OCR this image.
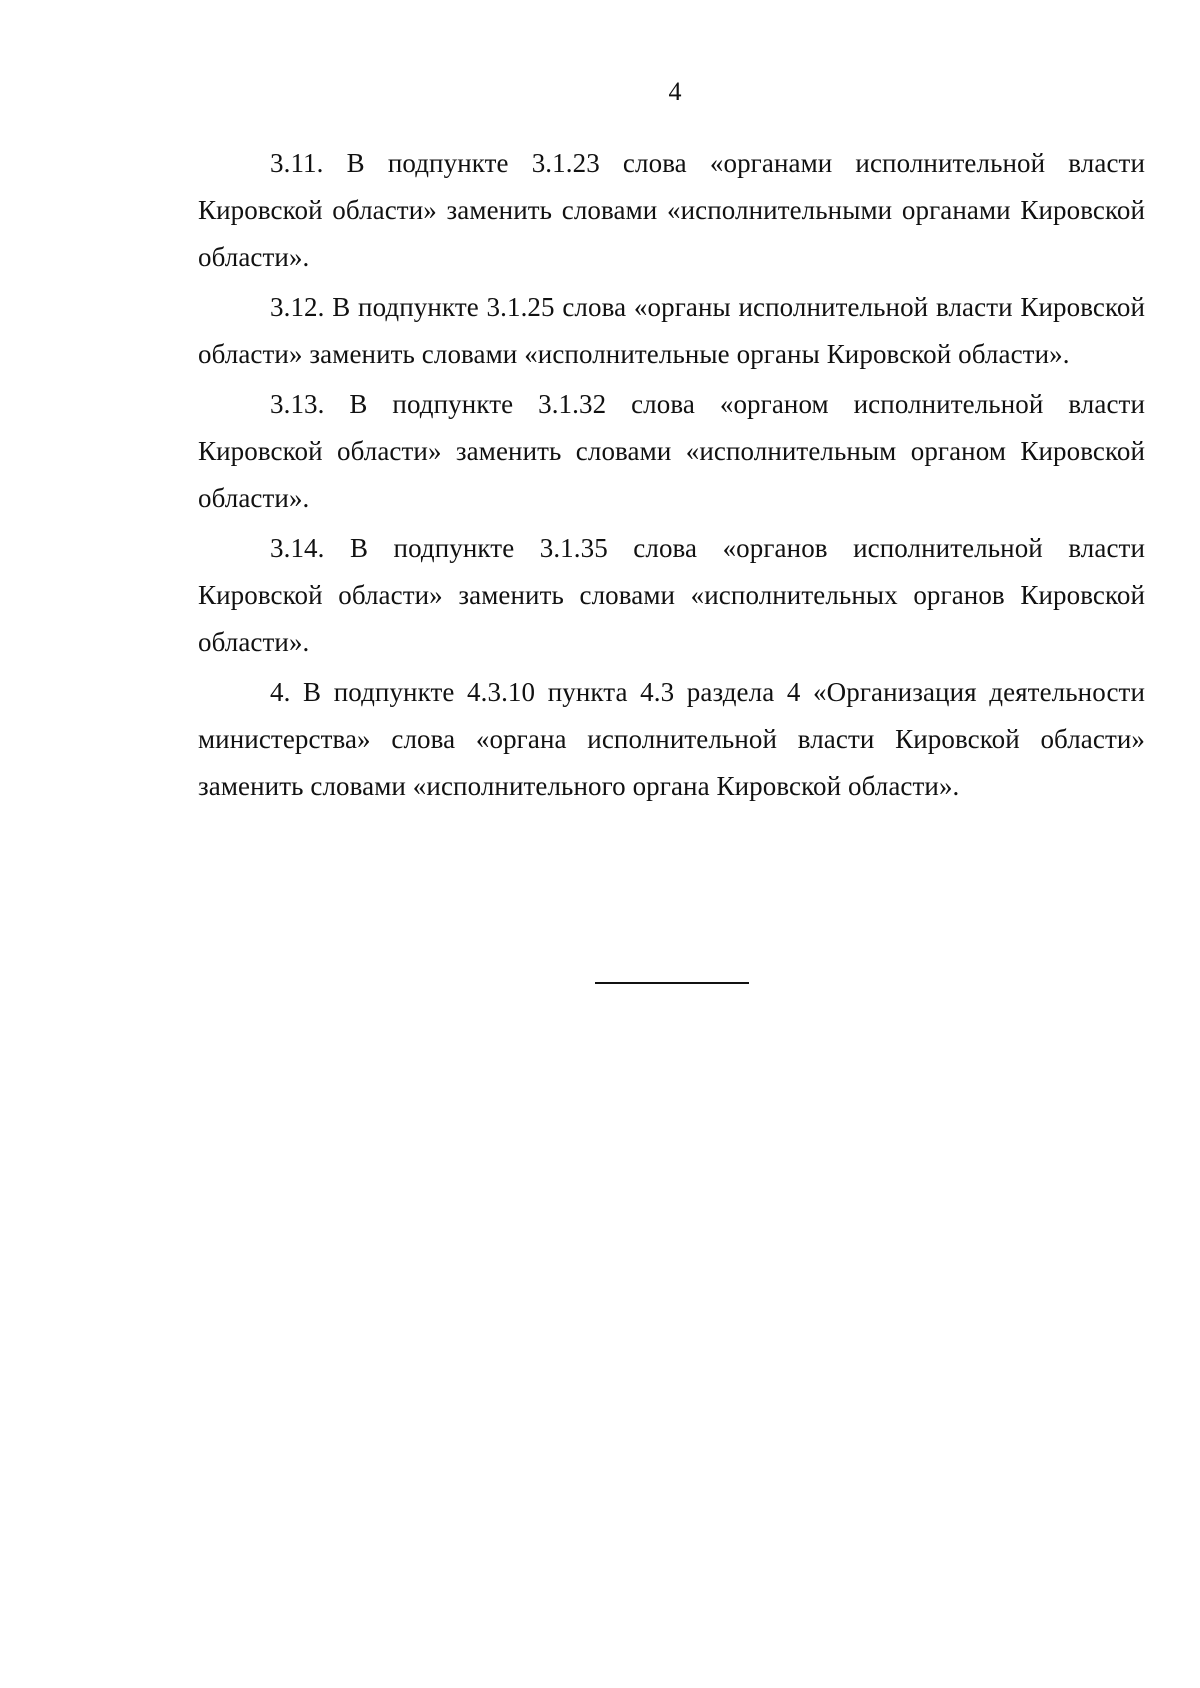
4

3.11. В подпункте 3.1.23 слова «органами исполнительной власти Кировской области» заменить словами «исполнительными органами Кировской области».

3.12. В подпункте 3.1.25 слова «органы исполнительной власти Кировской области» заменить словами «исполнительные органы Кировской области».

3.13. В подпункте 3.1.32 слова «органом исполнительной власти Кировской области» заменить словами «исполнительным органом Кировской области».

3.14. В подпункте 3.1.35 слова «органов исполнительной власти Кировской области» заменить словами «исполнительных органов Кировской области».

4. В подпункте 4.3.10 пункта 4.3 раздела 4 «Организация деятельности министерства» слова «органа исполнительной власти Кировской области» заменить словами «исполнительного органа Кировской области».
